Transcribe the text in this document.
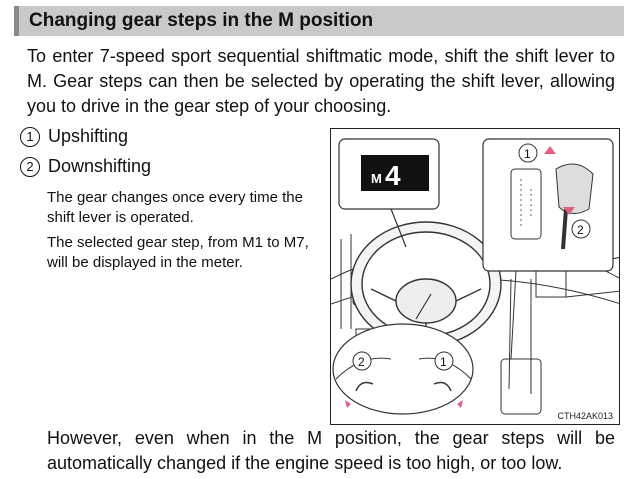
Changing gear steps in the M position

To enter 7-speed sport sequential shiftmatic mode, shift the shift lever to M. Gear steps can then be selected by operating the shift lever, allowing you to drive in the gear step of your choosing.

1 Upshifting
2 Downshifting

The gear changes once every time the shift lever is operated.

The selected gear step, from M1 to M7, will be displayed in the meter.

M 4
2	1
1
2
CTH42AK013

However, even when in the M position, the gear steps will be automatically changed if the engine speed is too high, or too low.
